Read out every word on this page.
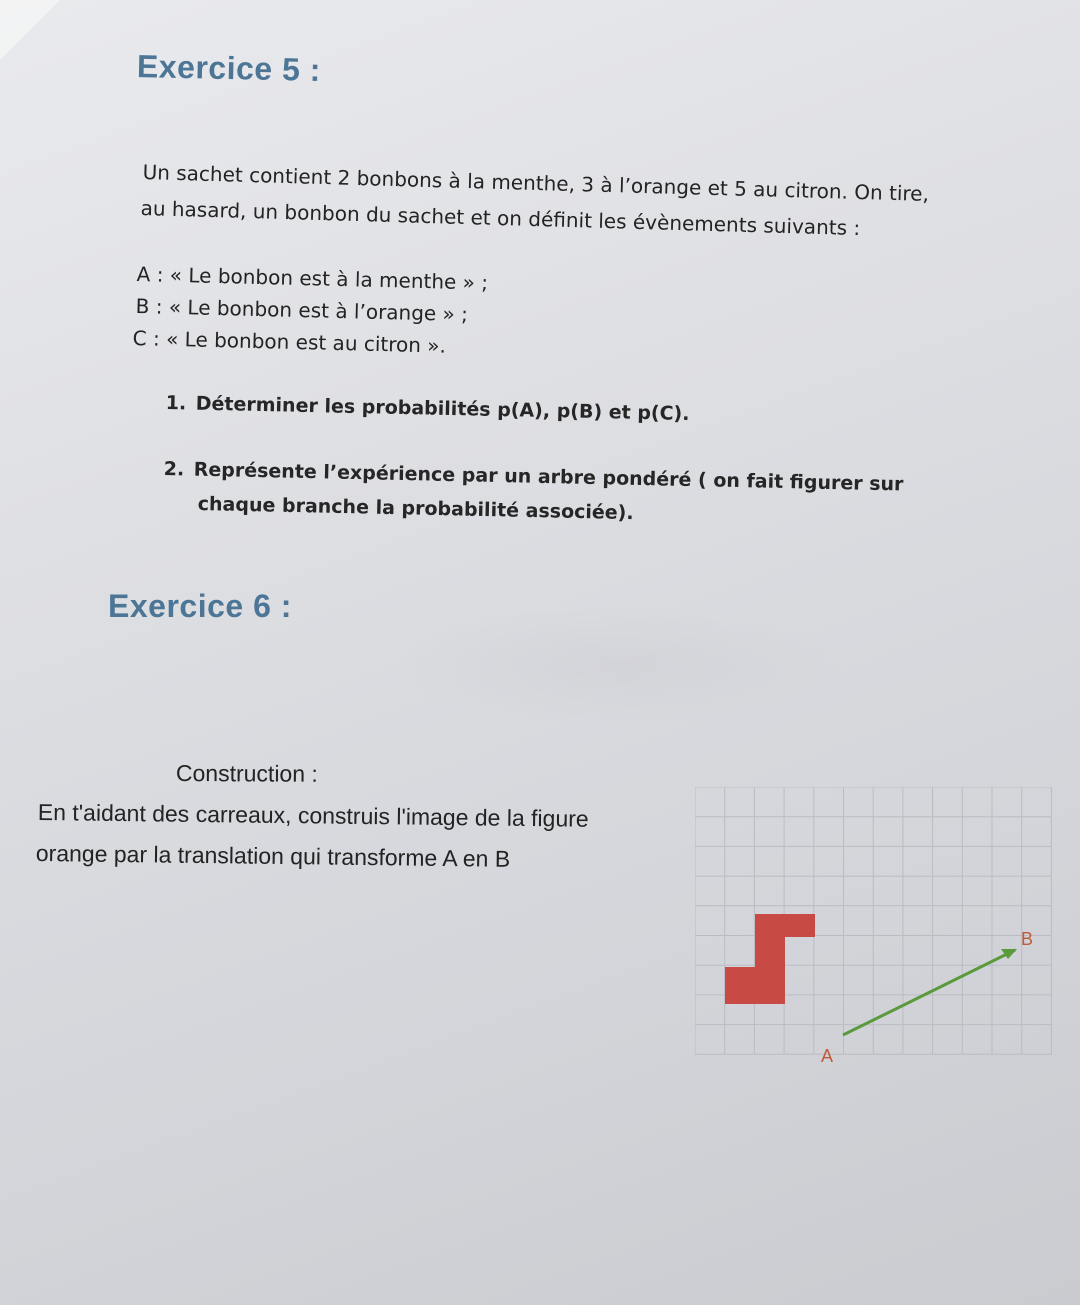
Exercice 5 :
Un sachet contient 2 bonbons à la menthe, 3 à l’orange et 5 au citron. On tire,
au hasard, un bonbon du sachet et on définit les évènements suivants :
A : « Le bonbon est à la menthe » ;
B : « Le bonbon est à l’orange » ;
C : « Le bonbon est au citron ».
1. Déterminer les probabilités p(A), p(B) et p(C).
2. Représente l’expérience par un arbre pondéré ( on fait figurer sur
chaque branche la probabilité associée).
Exercice 6 :
Construction :
En t'aidant des carreaux, construis l'image de la figure
orange par la translation qui transforme A en B
A
B
